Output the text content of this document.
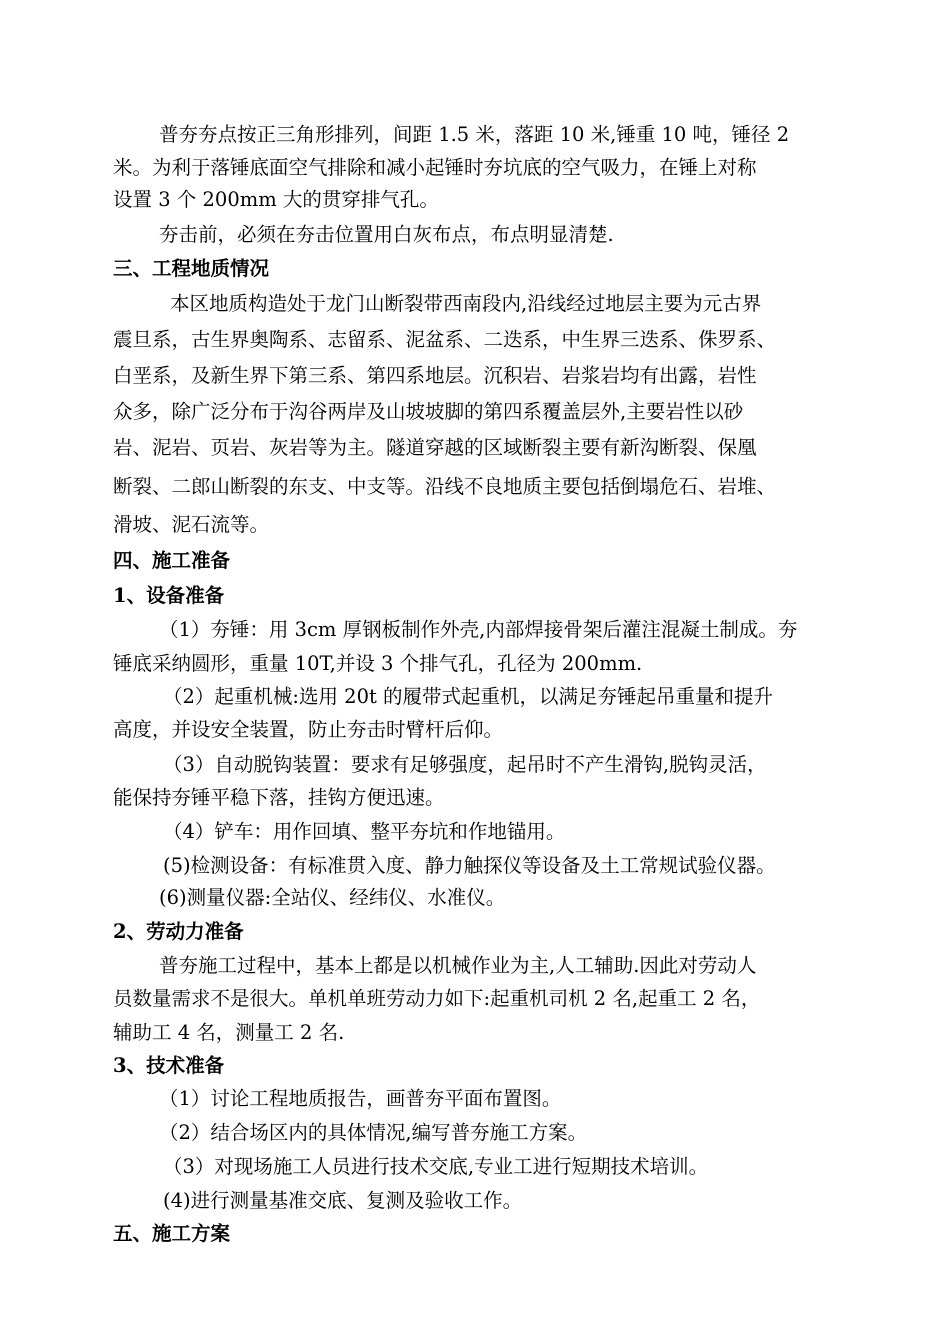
普夯夯点按正三角形排列，间距 1.5 米，落距 10 米,锤重 10 吨，锤径 2
米。为利于落锤底面空气排除和减小起锤时夯坑底的空气吸力，在锤上对称
设置 3 个 200mm 大的贯穿排气孔。
夯击前，必须在夯击位置用白灰布点，布点明显清楚.
三、工程地质情况
本区地质构造处于龙门山断裂带西南段内,沿线经过地层主要为元古界
震旦系，古生界奥陶系、志留系、泥盆系、二迭系，中生界三迭系、侏罗系、
白垩系，及新生界下第三系、第四系地层。沉积岩、岩浆岩均有出露，岩性
众多，除广泛分布于沟谷两岸及山坡坡脚的第四系覆盖层外,主要岩性以砂
岩、泥岩、页岩、灰岩等为主。隧道穿越的区域断裂主要有新沟断裂、保凰
断裂、二郎山断裂的东支、中支等。沿线不良地质主要包括倒塌危石、岩堆、
滑坡、泥石流等。
四、施工准备
1、设备准备
（1）夯锤：用 3cm 厚钢板制作外壳,内部焊接骨架后灌注混凝土制成。夯
锤底采纳圆形，重量 10T,并设 3 个排气孔，孔径为 200mm.
（2）起重机械:选用 20t 的履带式起重机，以满足夯锤起吊重量和提升
高度，并设安全装置，防止夯击时臂杆后仰。
（3）自动脱钩装置：要求有足够强度，起吊时不产生滑钩,脱钩灵活，
能保持夯锤平稳下落，挂钩方便迅速。
（4）铲车：用作回填、整平夯坑和作地锚用。
(5)检测设备：有标准贯入度、静力触探仪等设备及土工常规试验仪器。
(6)测量仪器:全站仪、经纬仪、水准仪。
2、劳动力准备
普夯施工过程中，基本上都是以机械作业为主,人工辅助.因此对劳动人
员数量需求不是很大。单机单班劳动力如下:起重机司机 2 名,起重工 2 名，
辅助工 4 名，测量工 2 名.
3、技术准备
（1）讨论工程地质报告，画普夯平面布置图。
（2）结合场区内的具体情况,编写普夯施工方案。
（3）对现场施工人员进行技术交底,专业工进行短期技术培训。
(4)进行测量基准交底、复测及验收工作。
五、施工方案
